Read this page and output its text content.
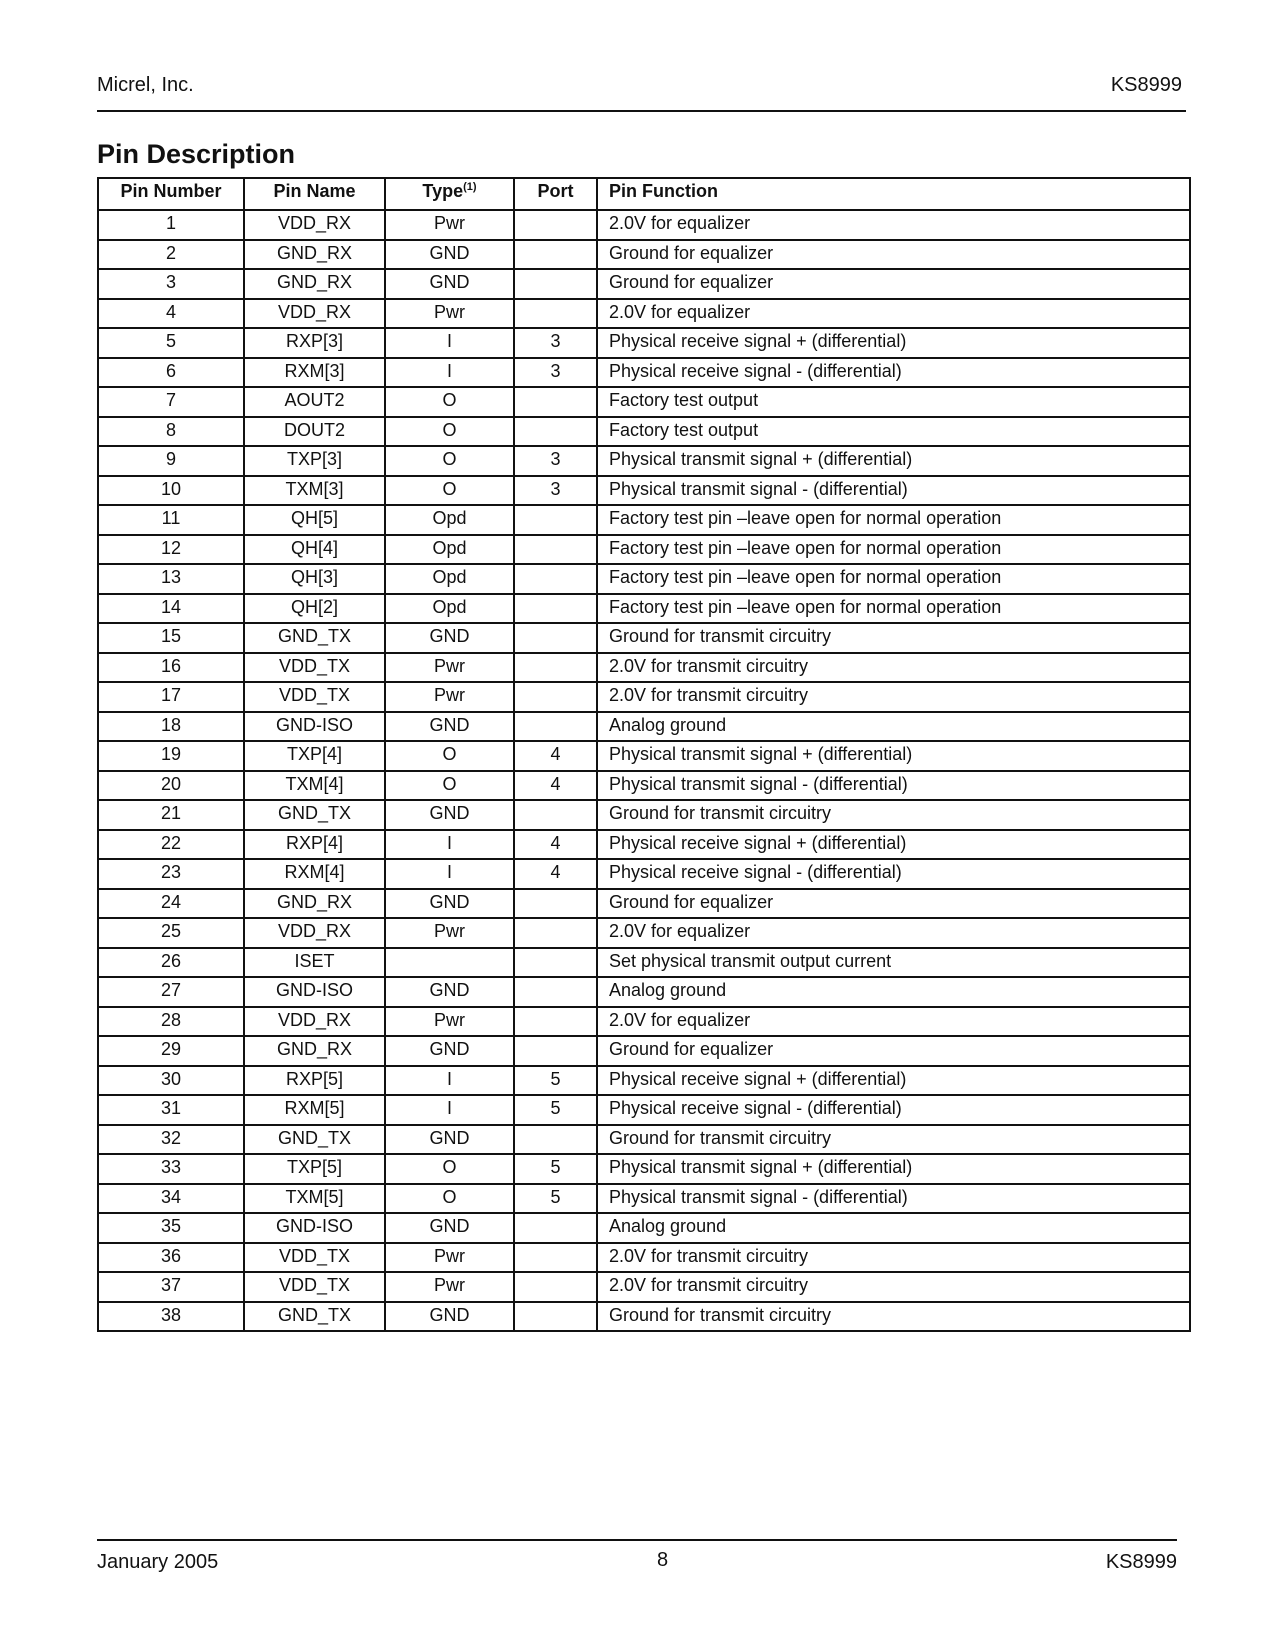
Micrel, Inc.	KS8999
Pin Description
Pin Number	Pin Name	Type$^{(1)}$	Port	Pin Function
1	VDD_RX	Pwr		2.0V for equalizer
2	GND_RX	GND		Ground for equalizer
3	GND_RX	GND		Ground for equalizer
4	VDD_RX	Pwr		2.0V for equalizer
5	RXP[3]	I	3	Physical receive signal + (differential)
6	RXM[3]	I	3	Physical receive signal - (differential)
7	AOUT2	O		Factory test output
8	DOUT2	O		Factory test output
9	TXP[3]	O	3	Physical transmit signal + (differential)
10	TXM[3]	O	3	Physical transmit signal - (differential)
11	QH[5]	Opd		Factory test pin –leave open for normal operation
12	QH[4]	Opd		Factory test pin –leave open for normal operation
13	QH[3]	Opd		Factory test pin –leave open for normal operation
14	QH[2]	Opd		Factory test pin –leave open for normal operation
15	GND_TX	GND		Ground for transmit circuitry
16	VDD_TX	Pwr		2.0V for transmit circuitry
17	VDD_TX	Pwr		2.0V for transmit circuitry
18	GND-ISO	GND		Analog ground
19	TXP[4]	O	4	Physical transmit signal + (differential)
20	TXM[4]	O	4	Physical transmit signal - (differential)
21	GND_TX	GND		Ground for transmit circuitry
22	RXP[4]	I	4	Physical receive signal + (differential)
23	RXM[4]	I	4	Physical receive signal - (differential)
24	GND_RX	GND		Ground for equalizer
25	VDD_RX	Pwr		2.0V for equalizer
26	ISET			Set physical transmit output current
27	GND-ISO	GND		Analog ground
28	VDD_RX	Pwr		2.0V for equalizer
29	GND_RX	GND		Ground for equalizer
30	RXP[5]	I	5	Physical receive signal + (differential)
31	RXM[5]	I	5	Physical receive signal - (differential)
32	GND_TX	GND		Ground for transmit circuitry
33	TXP[5]	O	5	Physical transmit signal + (differential)
34	TXM[5]	O	5	Physical transmit signal - (differential)
35	GND-ISO	GND		Analog ground
36	VDD_TX	Pwr		2.0V for transmit circuitry
37	VDD_TX	Pwr		2.0V for transmit circuitry
38	GND_TX	GND		Ground for transmit circuitry
January 2005	8	KS8999
